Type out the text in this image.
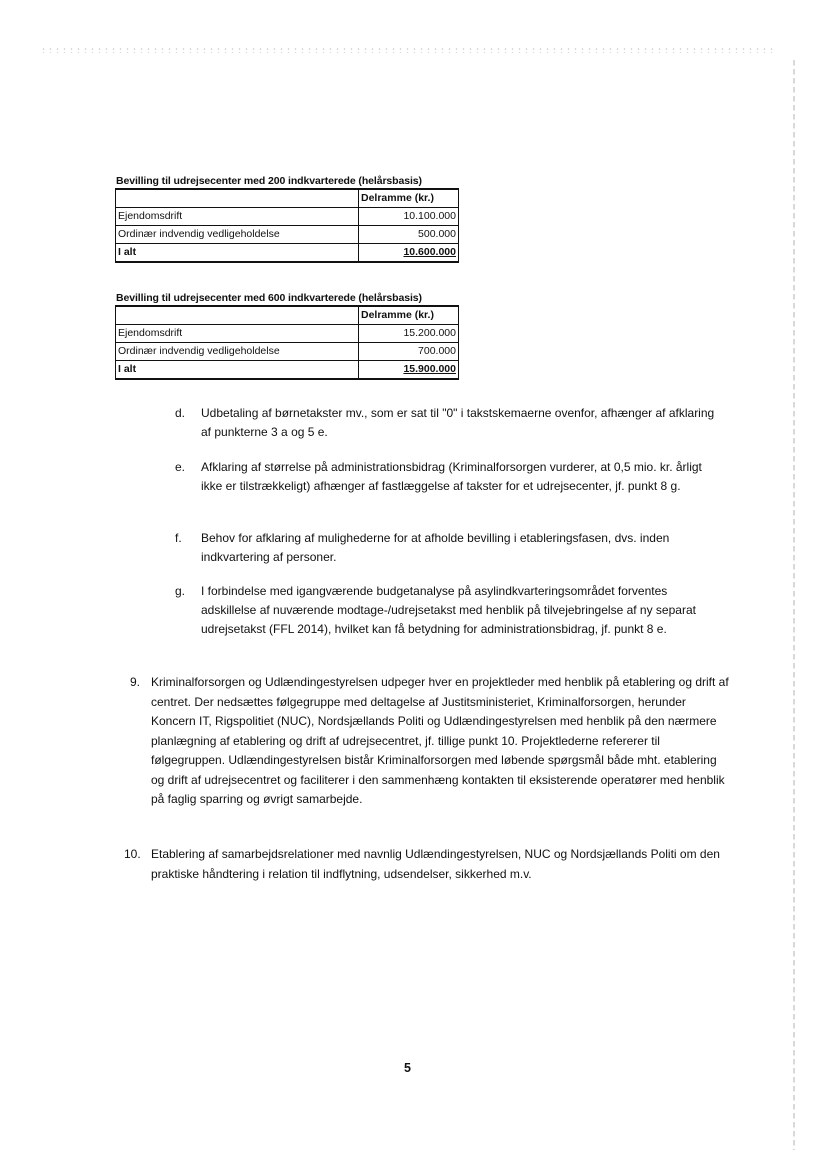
Bevilling til udrejsecenter med 200 indkvarterede (helårsbasis)
	Delramme (kr.)
Ejendomsdrift	10.100.000
Ordinær indvendig vedligeholdelse	500.000
I alt	10.600.000
Bevilling til udrejsecenter med 600 indkvarterede (helårsbasis)
	Delramme (kr.)
Ejendomsdrift	15.200.000
Ordinær indvendig vedligeholdelse	700.000
I alt	15.900.000
d. Udbetaling af børnetakster mv., som er sat til "0" i takstskemaerne ovenfor, afhænger af afklaring af punkterne 3 a og 5 e.
e. Afklaring af størrelse på administrationsbidrag (Kriminalforsorgen vurderer, at 0,5 mio. kr. årligt ikke er tilstrækkeligt) afhænger af fastlæggelse af takster for et udrejsecenter, jf. punkt 8 g.
f. Behov for afklaring af mulighederne for at afholde bevilling i etableringsfasen, dvs. inden indkvartering af personer.
g. I forbindelse med igangværende budgetanalyse på asylindkvarteringsområdet forventes adskillelse af nuværende modtage-/udrejsetakst med henblik på tilvejebringelse af ny separat udrejsetakst (FFL 2014), hvilket kan få betydning for administrationsbidrag, jf. punkt 8 e.
9. Kriminalforsorgen og Udlændingestyrelsen udpeger hver en projektleder med henblik på etablering og drift af centret. Der nedsættes følgegruppe med deltagelse af Justitsministeriet, Kriminalforsorgen, herunder Koncern IT, Rigspolitiet (NUC), Nordsjællands Politi og Udlændingestyrelsen med henblik på den nærmere planlægning af etablering og drift af udrejsecentret, jf. tillige punkt 10. Projektlederne refererer til følgegruppen. Udlændingestyrelsen bistår Kriminalforsorgen med løbende spørgsmål både mht. etablering og drift af udrejsecentret og faciliterer i den sammenhæng kontakten til eksisterende operatører med henblik på faglig sparring og øvrigt samarbejde.
10. Etablering af samarbejdsrelationer med navnlig Udlændingestyrelsen, NUC og Nordsjællands Politi om den praktiske håndtering i relation til indflytning, udsendelser, sikkerhed m.v.
5
